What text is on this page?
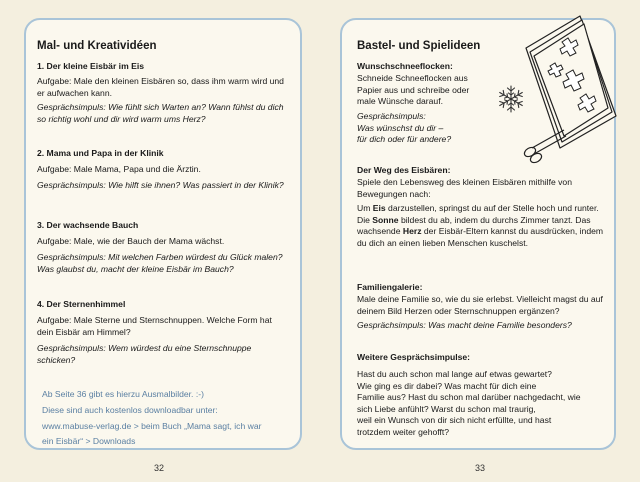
Mal- und Kreatividéen
1. Der kleine Eisbär im Eis
Aufgabe: Male den kleinen Eisbären so, dass ihm warm wird und er aufwachen kann.
Gesprächsimpuls: Wie fühlt sich Warten an? Wann fühlst du dich so richtig wohl und dir wird warm ums Herz?
2. Mama und Papa in der Klinik
Aufgabe: Male Mama, Papa und die Ärztin.
Gesprächsimpuls: Wie hilft sie ihnen? Was passiert in der Klinik?
3. Der wachsende Bauch
Aufgabe: Male, wie der Bauch der Mama wächst.
Gesprächsimpuls: Mit welchen Farben würdest du Glück malen? Was glaubst du, macht der kleine Eisbär im Bauch?
4. Der Sternenhimmel
Aufgabe: Male Sterne und Sternschnuppen. Welche Form hat dein Eisbär am Himmel?
Gesprächsimpuls: Wem würdest du eine Sternschnuppe schicken?
Ab Seite 36 gibt es hierzu Ausmalbilder. :-)
Diese sind auch kostenlos downloadbar unter:
www.mabuse-verlag.de > beim Buch „Mama sagt, ich war
ein Eisbär“ > Downloads
32
Bastel- und Spielideen
Wunschschneeflocken:
Schneide Schneeflocken aus Papier aus und schreibe oder male Wünsche darauf.
Gesprächsimpuls:
Was wünschst du dir –
für dich oder für andere?
Der Weg des Eisbären:
Spiele den Lebensweg des kleinen Eisbären mithilfe von Bewegungen nach:
Um Eis darzustellen, springst du auf der Stelle hoch und runter. Die Sonne bildest du ab, indem du durchs Zimmer tanzt. Das wachsende Herz der Eisbär-Eltern kannst du ausdrücken, indem du dich an einen lieben Menschen kuschelst.
Familiengalerie:
Male deine Familie so, wie du sie erlebst. Vielleicht magst du auf deinem Bild Herzen oder Sternschnuppen ergänzen?
Gesprächsimpuls: Was macht deine Familie besonders?
Weitere Gesprächsimpulse:
Hast du auch schon mal lange auf etwas gewartet?
Wie ging es dir dabei? Was macht für dich eine
Familie aus? Hast du schon mal darüber nachgedacht, wie
sich Liebe anfühlt? Warst du schon mal traurig,
weil ein Wunsch von dir sich nicht erfüllte, und hast
trotzdem weiter gehofft?
33
